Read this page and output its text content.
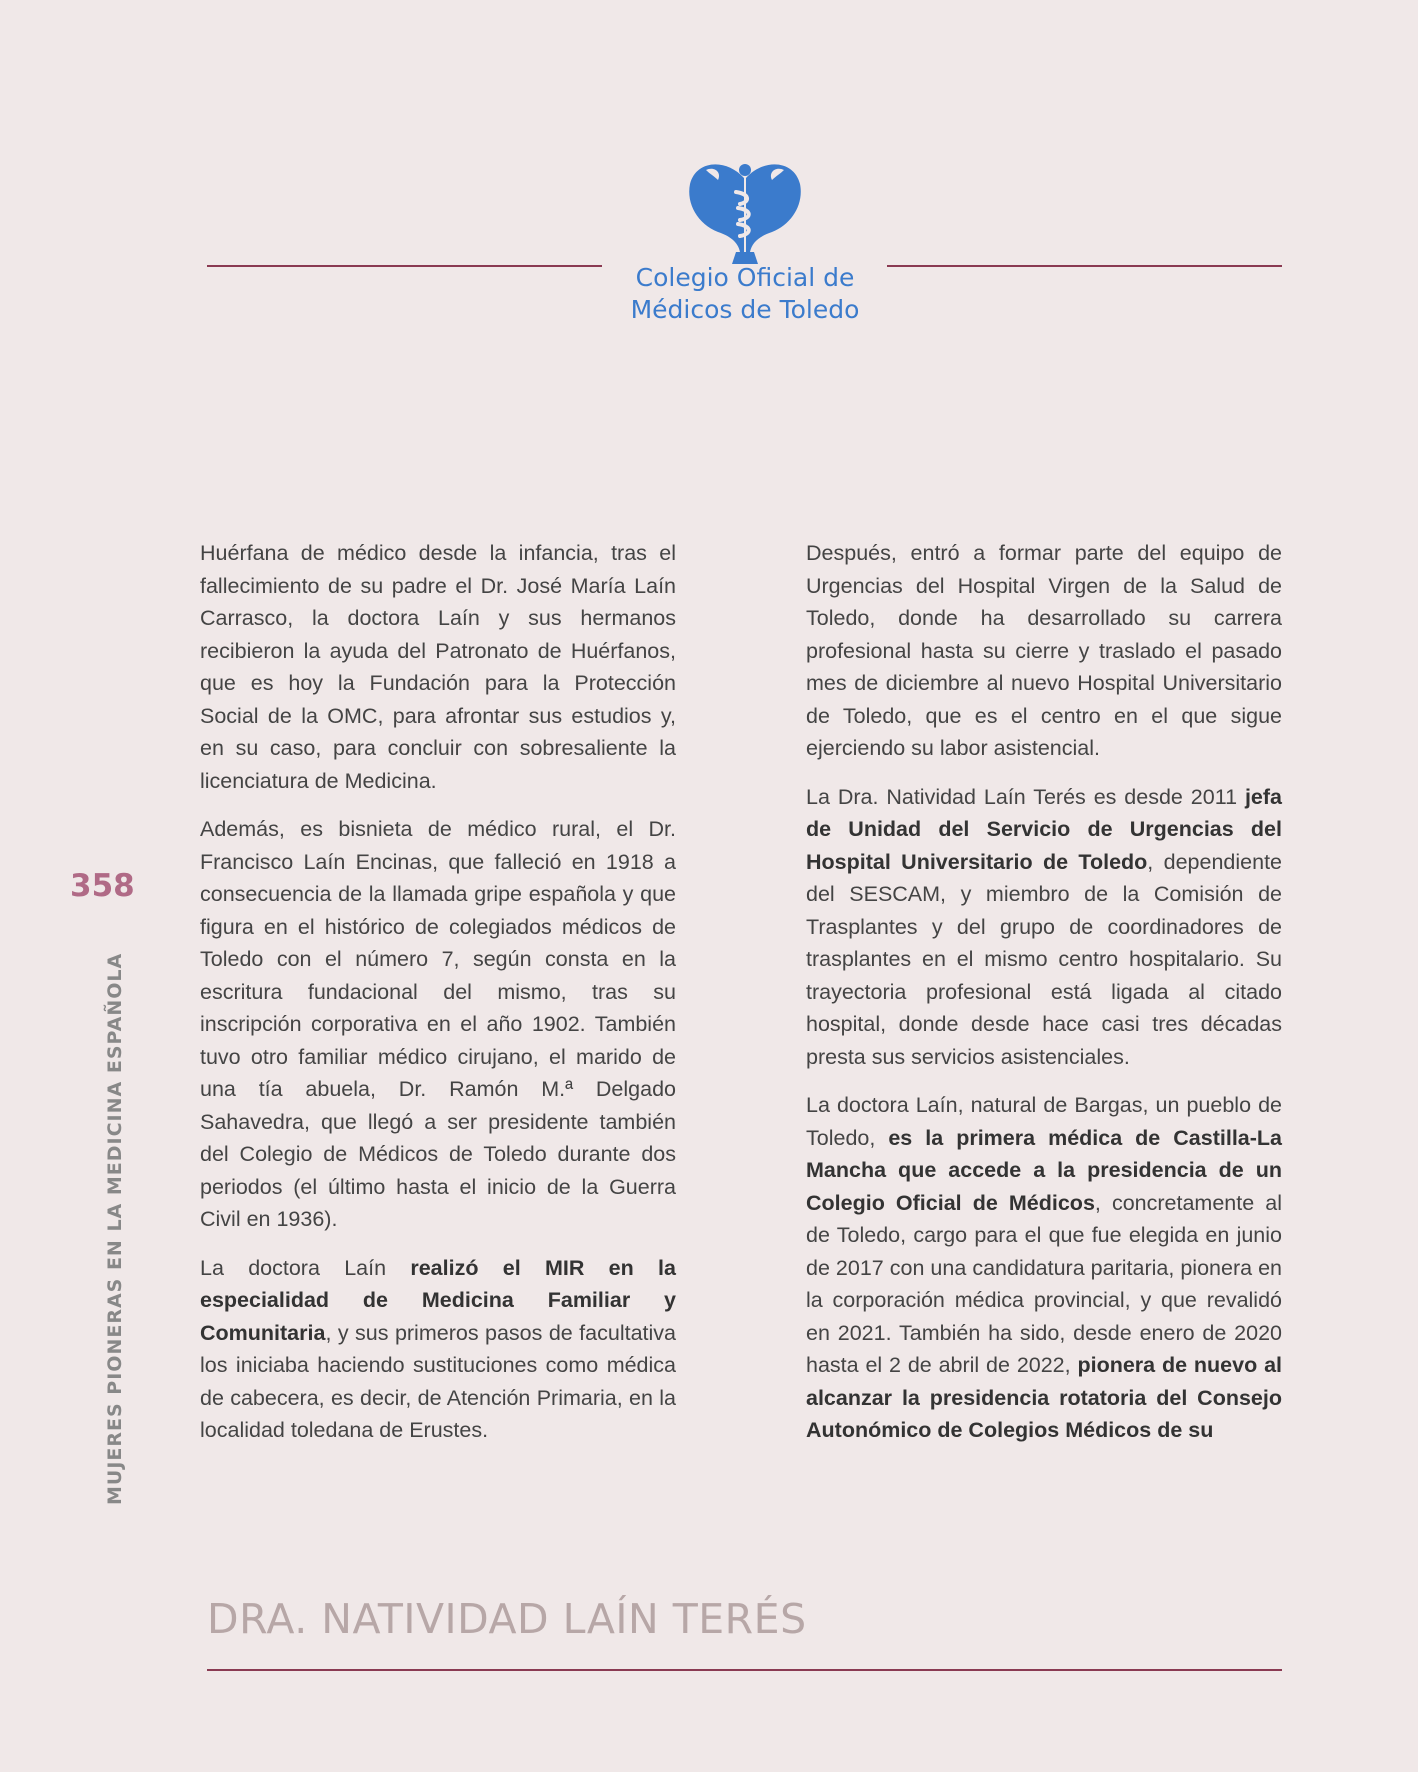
Colegio Oficial de
Médicos de Toledo
358
MUJERES PIONERAS EN LA MEDICINA ESPAÑOLA

Huérfana de médico desde la infancia, tras el fallecimiento de su padre el Dr. José María Laín Carrasco, la doctora Laín y sus hermanos recibieron la ayuda del Patronato de Huérfanos, que es hoy la Fundación para la Protección Social de la OMC, para afrontar sus estudios y, en su caso, para concluir con sobresaliente la licenciatura de Medicina.

Además, es bisnieta de médico rural, el Dr. Francisco Laín Encinas, que falleció en 1918 a consecuencia de la llamada gripe española y que figura en el histórico de colegiados médicos de Toledo con el número 7, según consta en la escritura fundacional del mismo, tras su inscripción corporativa en el año 1902. También tuvo otro familiar médico cirujano, el marido de una tía abuela, Dr. Ramón M.ª Delgado Sahavedra, que llegó a ser presidente también del Colegio de Médicos de Toledo durante dos periodos (el último hasta el inicio de la Guerra Civil en 1936).

La doctora Laín realizó el MIR en la especialidad de Medicina Familiar y Comunitaria, y sus primeros pasos de facultativa los iniciaba haciendo sustituciones como médica de cabecera, es decir, de Atención Primaria, en la localidad toledana de Erustes.

Después, entró a formar parte del equipo de Urgencias del Hospital Virgen de la Salud de Toledo, donde ha desarrollado su carrera profesional hasta su cierre y traslado el pasado mes de diciembre al nuevo Hospital Universitario de Toledo, que es el centro en el que sigue ejerciendo su labor asistencial.

La Dra. Natividad Laín Terés es desde 2011 jefa de Unidad del Servicio de Urgencias del Hospital Universitario de Toledo, dependiente del SESCAM, y miembro de la Comisión de Trasplantes y del grupo de coordinadores de trasplantes en el mismo centro hospitalario. Su trayectoria profesional está ligada al citado hospital, donde desde hace casi tres décadas presta sus servicios asistenciales.

La doctora Laín, natural de Bargas, un pueblo de Toledo, es la primera médica de Castilla-La Mancha que accede a la presidencia de un Colegio Oficial de Médicos, concretamente al de Toledo, cargo para el que fue elegida en junio de 2017 con una candidatura paritaria, pionera en la corporación médica provincial, y que revalidó en 2021. También ha sido, desde enero de 2020 hasta el 2 de abril de 2022, pionera de nuevo al alcanzar la presidencia rotatoria del Consejo Autonómico de Colegios Médicos de su

DRA. NATIVIDAD LAÍN TERÉS
